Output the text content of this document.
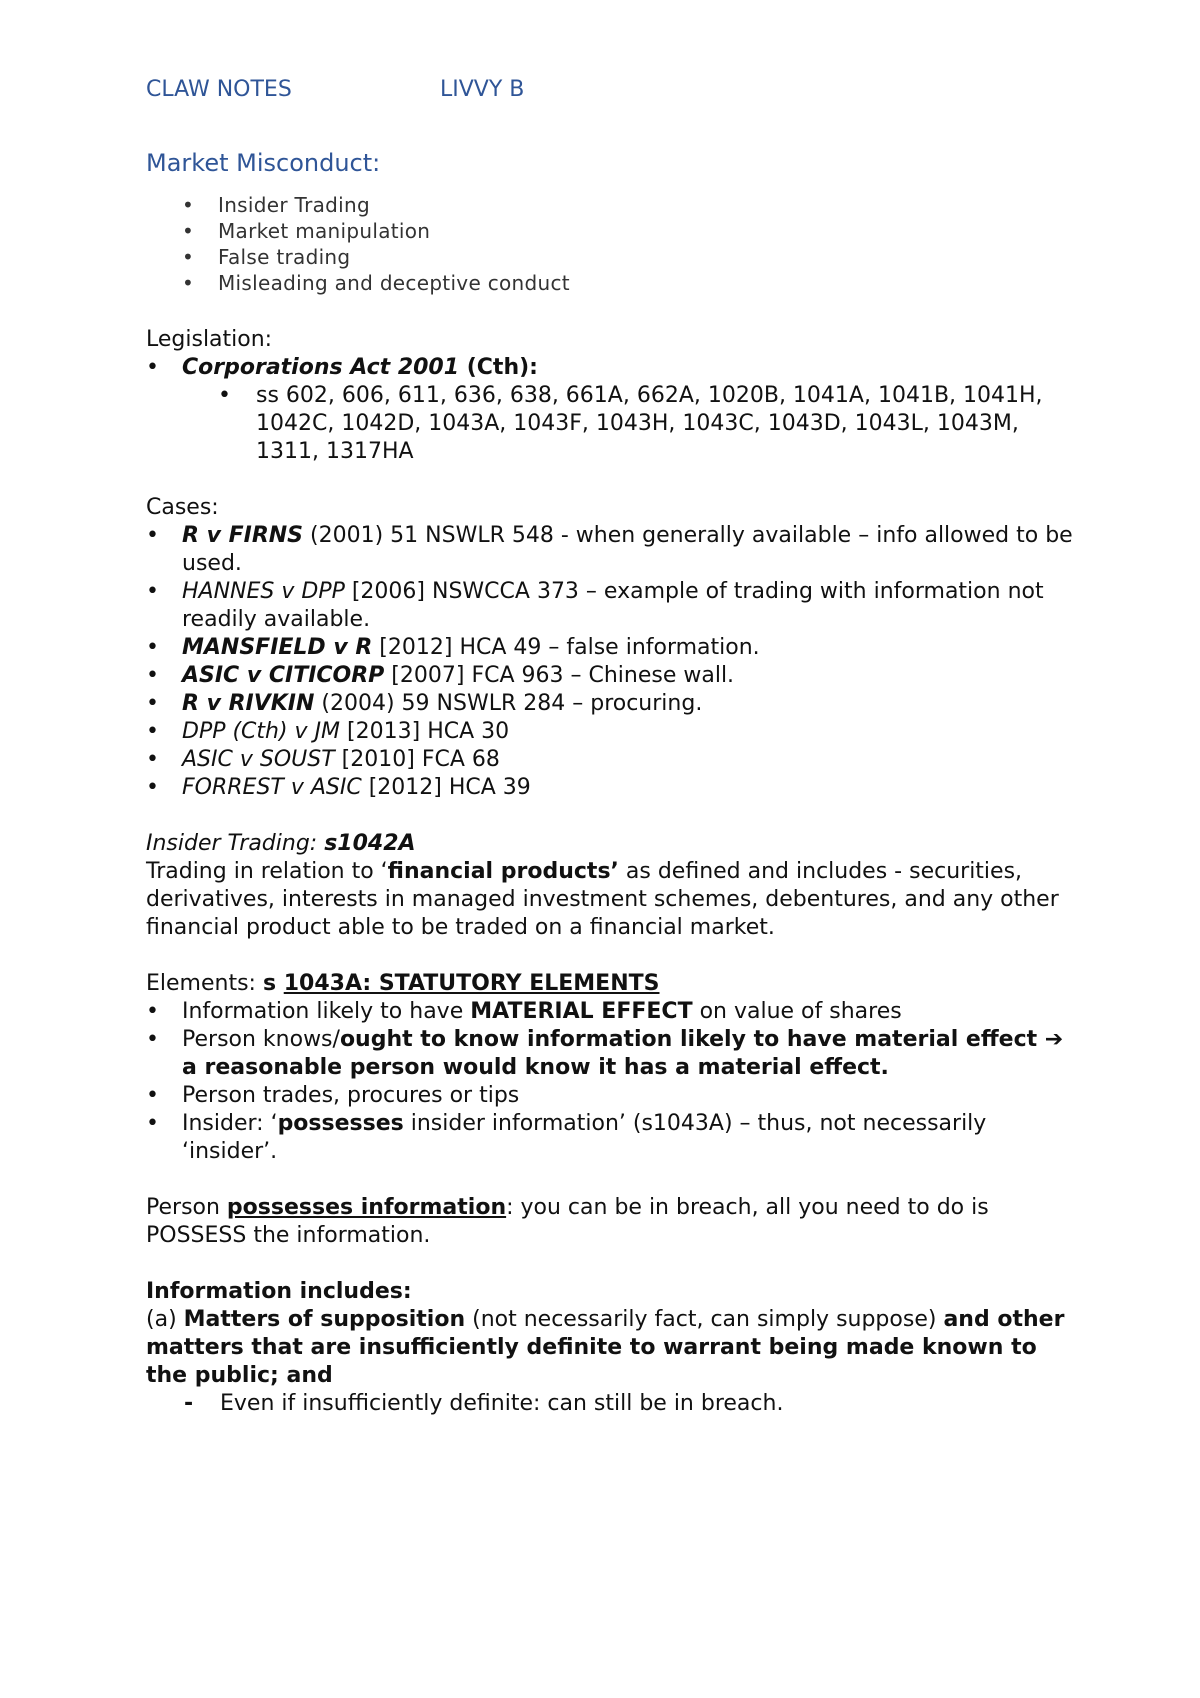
CLAW NOTES	LIVVY B
Market Misconduct:
• Insider Trading
• Market manipulation
• False trading
• Misleading and deceptive conduct
Legislation:
• Corporations Act 2001 (Cth):
• ss 602, 606, 611, 636, 638, 661A, 662A, 1020B, 1041A, 1041B, 1041H, 1042C, 1042D, 1043A, 1043F, 1043H, 1043C, 1043D, 1043L, 1043M, 1311, 1317HA
Cases:
• R v FIRNS (2001) 51 NSWLR 548 - when generally available – info allowed to be used.
• HANNES v DPP [2006] NSWCCA 373 – example of trading with information not readily available.
• MANSFIELD v R [2012] HCA 49 – false information.
• ASIC v CITICORP [2007] FCA 963 – Chinese wall.
• R v RIVKIN (2004) 59 NSWLR 284 – procuring.
• DPP (Cth) v JM [2013] HCA 30
• ASIC v SOUST [2010] FCA 68
• FORREST v ASIC [2012] HCA 39
Insider Trading: s1042A
Trading in relation to ‘financial products’ as defined and includes - securities, derivatives, interests in managed investment schemes, debentures, and any other financial product able to be traded on a financial market.
Elements: s 1043A: STATUTORY ELEMENTS
• Information likely to have MATERIAL EFFECT on value of shares
• Person knows/ought to know information likely to have material effect ➔ a reasonable person would know it has a material effect.
• Person trades, procures or tips
• Insider: ‘possesses insider information’ (s1043A) – thus, not necessarily ‘insider’.
Person possesses information: you can be in breach, all you need to do is POSSESS the information.
Information includes:
(a) Matters of supposition (not necessarily fact, can simply suppose) and other matters that are insufficiently definite to warrant being made known to the public; and
- Even if insufficiently definite: can still be in breach.
